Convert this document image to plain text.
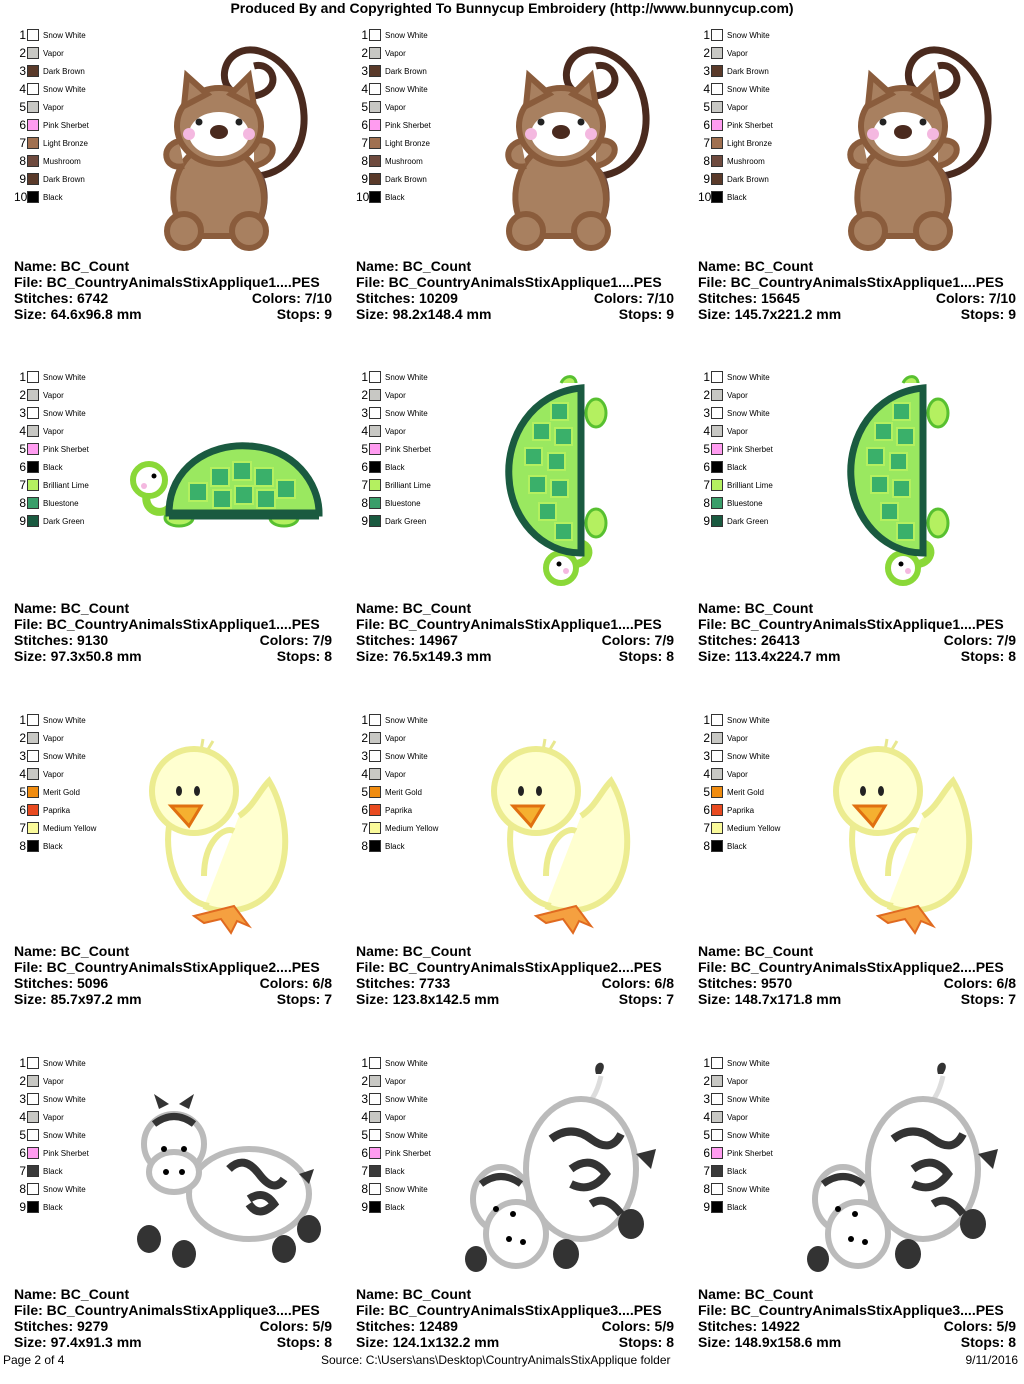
Produced By and Copyrighted To Bunnycup Embroidery (http://www.bunnycup.com)
1 Snow White
2 Vapor
3 Dark Brown
4 Snow White
5 Vapor
6 Pink Sherbet
7 Light Bronze
8 Mushroom
9 Dark Brown
10 Black
Name: BC_Count
File: BC_CountryAnimalsStixApplique1....PES
Stitches: 6742	Colors: 7/10
Size: 64.6x96.8 mm	Stops: 9
1 Snow White
2 Vapor
3 Dark Brown
4 Snow White
5 Vapor
6 Pink Sherbet
7 Light Bronze
8 Mushroom
9 Dark Brown
10 Black
Name: BC_Count
File: BC_CountryAnimalsStixApplique1....PES
Stitches: 10209	Colors: 7/10
Size: 98.2x148.4 mm	Stops: 9
1 Snow White
2 Vapor
3 Dark Brown
4 Snow White
5 Vapor
6 Pink Sherbet
7 Light Bronze
8 Mushroom
9 Dark Brown
10 Black
Name: BC_Count
File: BC_CountryAnimalsStixApplique1....PES
Stitches: 15645	Colors: 7/10
Size: 145.7x221.2 mm	Stops: 9
1 Snow White
2 Vapor
3 Snow White
4 Vapor
5 Pink Sherbet
6 Black
7 Brilliant Lime
8 Bluestone
9 Dark Green
Name: BC_Count
File: BC_CountryAnimalsStixApplique1....PES
Stitches: 9130	Colors: 7/9
Size: 97.3x50.8 mm	Stops: 8
1 Snow White
2 Vapor
3 Snow White
4 Vapor
5 Pink Sherbet
6 Black
7 Brilliant Lime
8 Bluestone
9 Dark Green
Name: BC_Count
File: BC_CountryAnimalsStixApplique1....PES
Stitches: 14967	Colors: 7/9
Size: 76.5x149.3 mm	Stops: 8
1 Snow White
2 Vapor
3 Snow White
4 Vapor
5 Pink Sherbet
6 Black
7 Brilliant Lime
8 Bluestone
9 Dark Green
Name: BC_Count
File: BC_CountryAnimalsStixApplique1....PES
Stitches: 26413	Colors: 7/9
Size: 113.4x224.7 mm	Stops: 8
1 Snow White
2 Vapor
3 Snow White
4 Vapor
5 Merit Gold
6 Paprika
7 Medium Yellow
8 Black
Name: BC_Count
File: BC_CountryAnimalsStixApplique2....PES
Stitches: 5096	Colors: 6/8
Size: 85.7x97.2 mm	Stops: 7
1 Snow White
2 Vapor
3 Snow White
4 Vapor
5 Merit Gold
6 Paprika
7 Medium Yellow
8 Black
Name: BC_Count
File: BC_CountryAnimalsStixApplique2....PES
Stitches: 7733	Colors: 6/8
Size: 123.8x142.5 mm	Stops: 7
1 Snow White
2 Vapor
3 Snow White
4 Vapor
5 Merit Gold
6 Paprika
7 Medium Yellow
8 Black
Name: BC_Count
File: BC_CountryAnimalsStixApplique2....PES
Stitches: 9570	Colors: 6/8
Size: 148.7x171.8 mm	Stops: 7
1 Snow White
2 Vapor
3 Snow White
4 Vapor
5 Snow White
6 Pink Sherbet
7 Black
8 Snow White
9 Black
Name: BC_Count
File: BC_CountryAnimalsStixApplique3....PES
Stitches: 9279	Colors: 5/9
Size: 97.4x91.3 mm	Stops: 8
1 Snow White
2 Vapor
3 Snow White
4 Vapor
5 Snow White
6 Pink Sherbet
7 Black
8 Snow White
9 Black
Name: BC_Count
File: BC_CountryAnimalsStixApplique3....PES
Stitches: 12489	Colors: 5/9
Size: 124.1x132.2 mm	Stops: 8
1 Snow White
2 Vapor
3 Snow White
4 Vapor
5 Snow White
6 Pink Sherbet
7 Black
8 Snow White
9 Black
Name: BC_Count
File: BC_CountryAnimalsStixApplique3....PES
Stitches: 14922	Colors: 5/9
Size: 148.9x158.6 mm	Stops: 8
Page 2 of 4	Source: C:\Users\ans\Desktop\CountryAnimalsStixApplique folder	9/11/2016
